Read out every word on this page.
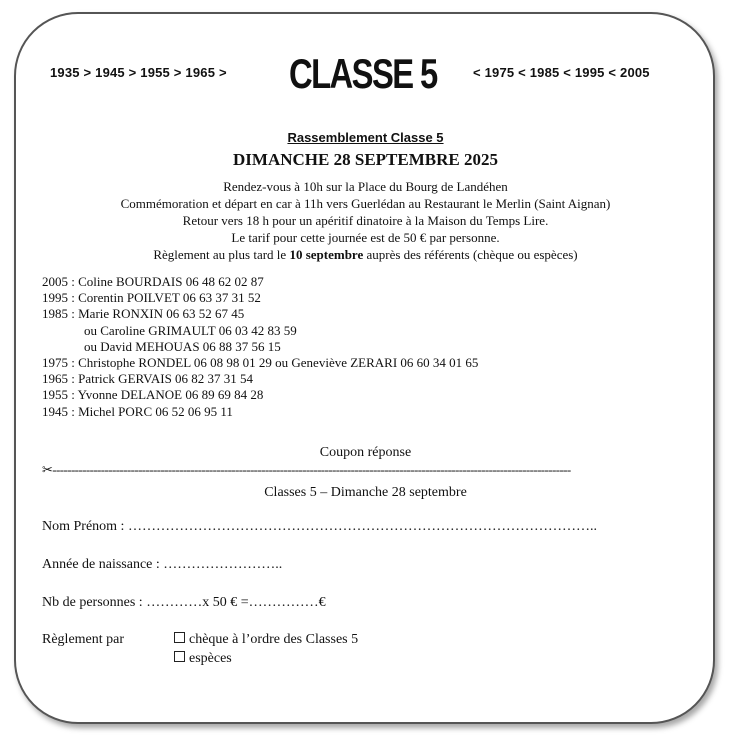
1935 > 1945 > 1955 > 1965 > CLASSE 5	< 1975 < 1985 < 1995 < 2005
Rassemblement Classe 5
DIMANCHE 28 SEPTEMBRE 2025
Rendez-vous à 10h sur la Place du Bourg de Landéhen
Commémoration et départ en car à 11h vers Guerlédan au Restaurant le Merlin (Saint Aignan)
Retour vers 18 h pour un apéritif dinatoire à la Maison du Temps Lire.
Le tarif pour cette journée est de 50 € par personne.
Règlement au plus tard le 10 septembre auprès des référents (chèque ou espèces)
2005 : Coline BOURDAIS 06 48 62 02 87
1995 : Corentin POILVET 06 63 37 31 52
1985 : Marie RONXIN 06 63 52 67 45
ou Caroline GRIMAULT 06 03 42 83 59
ou David MEHOUAS 06 88 37 56 15
1975 : Christophe RONDEL 06 08 98 01 29 ou Geneviève ZERARI 06 60 34 01 65
1965 : Patrick GERVAIS 06 82 37 31 54
1955 : Yvonne DELANOE 06 89 69 84 28
1945 : Michel PORC 06 52 06 95 11
Coupon réponse
✂-------------------------------------------------------------------------------------------------------------------------------------------
Classes 5 – Dimanche 28 septembre
Nom Prénom : ………………………………………………………………………………………..
Année de naissance : ……………………..
Nb de personnes : …………x 50 € =……………€
Règlement par	chèque à l’ordre des Classes 5
espèces
